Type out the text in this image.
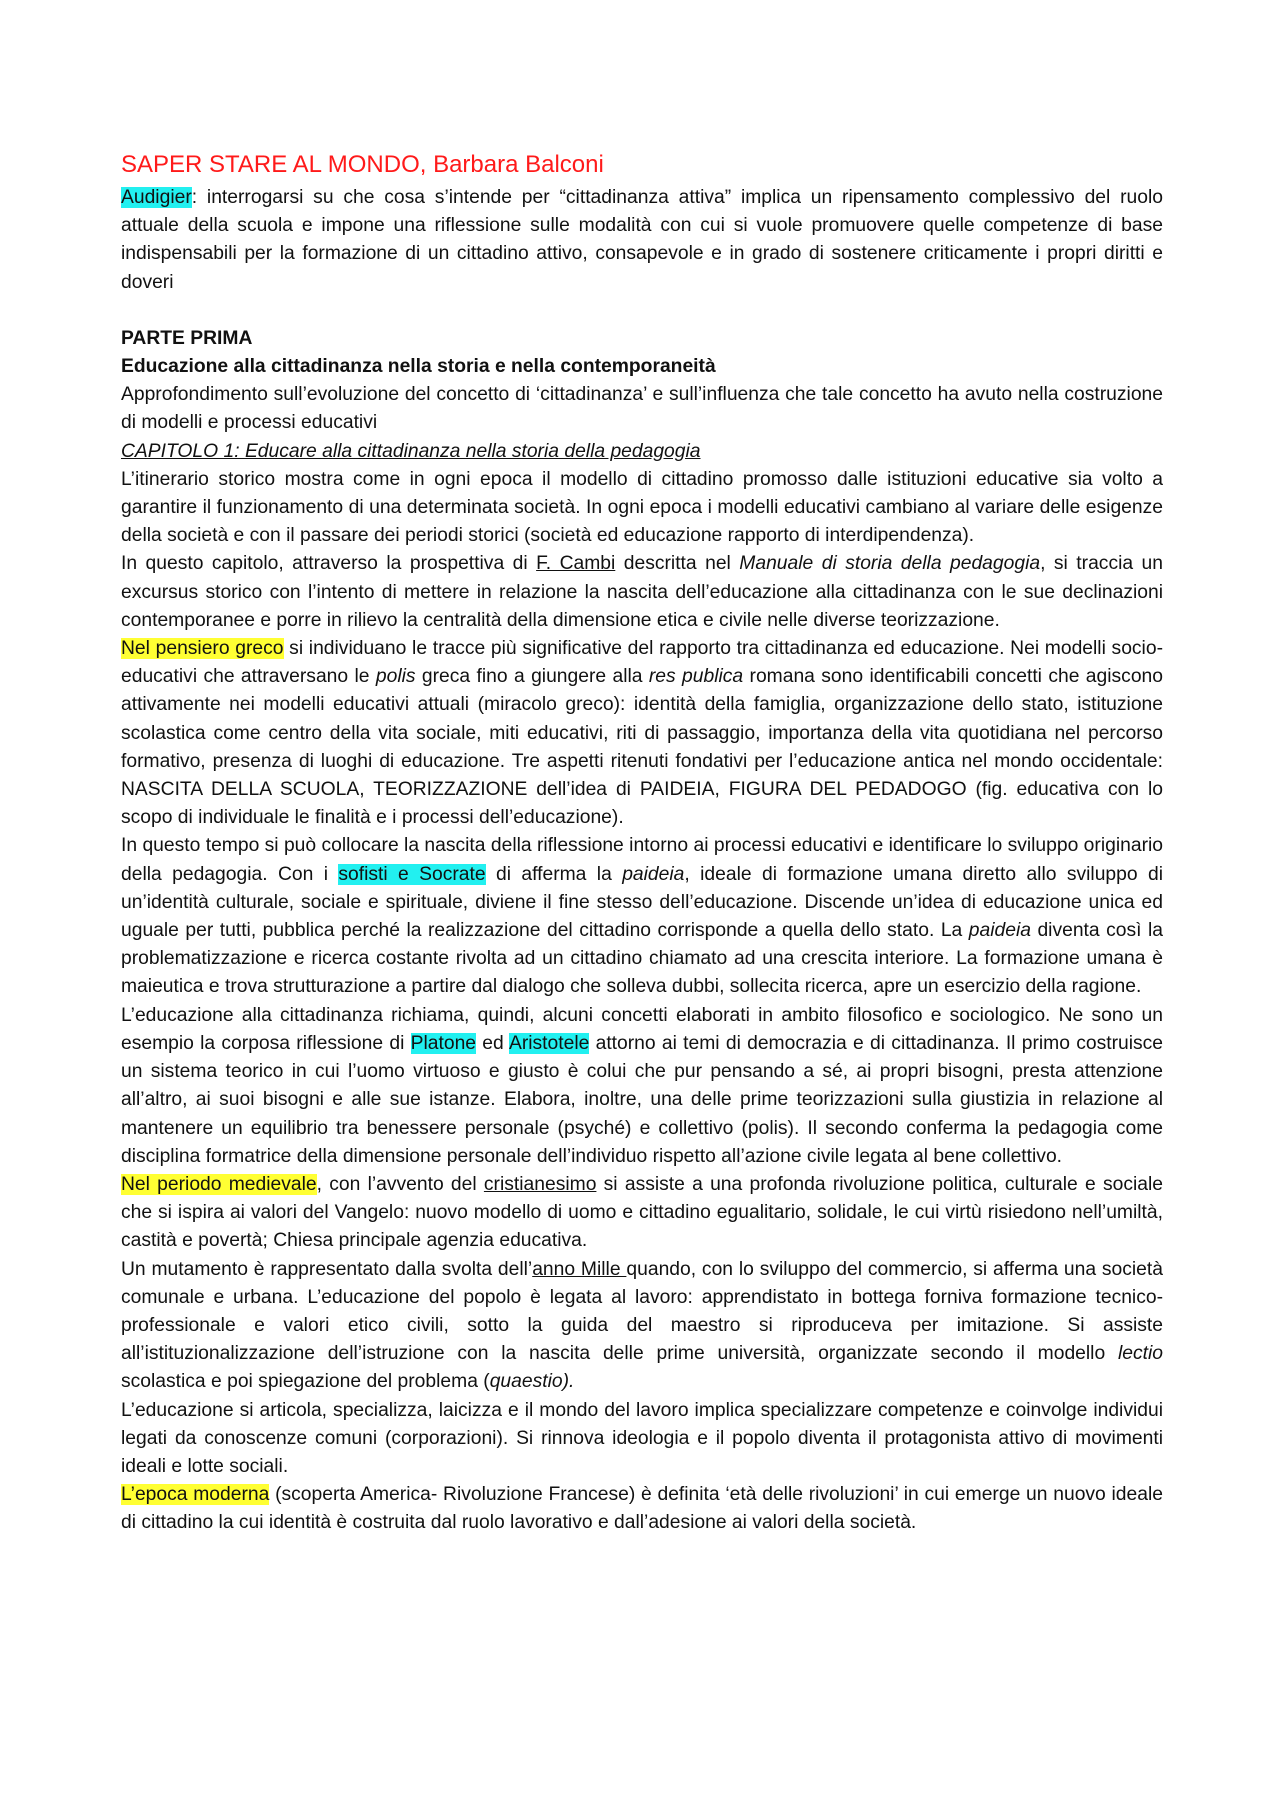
SAPER STARE AL MONDO, Barbara Balconi

Audigier: interrogarsi su che cosa s’intende per “cittadinanza attiva” implica un ripensamento complessivo del ruolo attuale della scuola e impone una riflessione sulle modalità con cui si vuole promuovere quelle competenze di base indispensabili per la formazione di un cittadino attivo, consapevole e in grado di sostenere criticamente i propri diritti e doveri

PARTE PRIMA

Educazione alla cittadinanza nella storia e nella contemporaneità

Approfondimento sull’evoluzione del concetto di ‘cittadinanza’ e sull’influenza che tale concetto ha avuto nella costruzione di modelli e processi educativi

CAPITOLO 1: Educare alla cittadinanza nella storia della pedagogia

L’itinerario storico mostra come in ogni epoca il modello di cittadino promosso dalle istituzioni educative sia volto a garantire il funzionamento di una determinata società. In ogni epoca i modelli educativi cambiano al variare delle esigenze della società e con il passare dei periodi storici (società ed educazione rapporto di interdipendenza).

In questo capitolo, attraverso la prospettiva di F. Cambi descritta nel Manuale di storia della pedagogia, si traccia un excursus storico con l’intento di mettere in relazione la nascita dell’educazione alla cittadinanza con le sue declinazioni contemporanee e porre in rilievo la centralità della dimensione etica e civile nelle diverse teorizzazione.

Nel pensiero greco si individuano le tracce più significative del rapporto tra cittadinanza ed educazione. Nei modelli socio-educativi che attraversano le polis greca fino a giungere alla res publica romana sono identificabili concetti che agiscono attivamente nei modelli educativi attuali (miracolo greco): identità della famiglia, organizzazione dello stato, istituzione scolastica come centro della vita sociale, miti educativi, riti di passaggio, importanza della vita quotidiana nel percorso formativo, presenza di luoghi di educazione. Tre aspetti ritenuti fondativi per l’educazione antica nel mondo occidentale: NASCITA DELLA SCUOLA, TEORIZZAZIONE dell’idea di PAIDEIA, FIGURA DEL PEDADOGO (fig. educativa con lo scopo di individuale le finalità e i processi dell’educazione).

In questo tempo si può collocare la nascita della riflessione intorno ai processi educativi e identificare lo sviluppo originario della pedagogia. Con i sofisti e Socrate di afferma la paideia, ideale di formazione umana diretto allo sviluppo di un’identità culturale, sociale e spirituale, diviene il fine stesso dell’educazione. Discende un’idea di educazione unica ed uguale per tutti, pubblica perché la realizzazione del cittadino corrisponde a quella dello stato. La paideia diventa così la problematizzazione e ricerca costante rivolta ad un cittadino chiamato ad una crescita interiore. La formazione umana è maieutica e trova strutturazione a partire dal dialogo che solleva dubbi, sollecita ricerca, apre un esercizio della ragione.

L’educazione alla cittadinanza richiama, quindi, alcuni concetti elaborati in ambito filosofico e sociologico. Ne sono un esempio la corposa riflessione di Platone ed Aristotele attorno ai temi di democrazia e di cittadinanza. Il primo costruisce un sistema teorico in cui l’uomo virtuoso e giusto è colui che pur pensando a sé, ai propri bisogni, presta attenzione all’altro, ai suoi bisogni e alle sue istanze. Elabora, inoltre, una delle prime teorizzazioni sulla giustizia in relazione al mantenere un equilibrio tra benessere personale (psyché) e collettivo (polis). Il secondo conferma la pedagogia come disciplina formatrice della dimensione personale dell’individuo rispetto all’azione civile legata al bene collettivo.

Nel periodo medievale, con l’avvento del cristianesimo si assiste a una profonda rivoluzione politica, culturale e sociale che si ispira ai valori del Vangelo: nuovo modello di uomo e cittadino egualitario, solidale, le cui virtù risiedono nell’umiltà, castità e povertà; Chiesa principale agenzia educativa.

Un mutamento è rappresentato dalla svolta dell’anno Mille quando, con lo sviluppo del commercio, si afferma una società comunale e urbana. L’educazione del popolo è legata al lavoro: apprendistato in bottega forniva formazione tecnico-professionale e valori etico civili, sotto la guida del maestro si riproduceva per imitazione. Si assiste all’istituzionalizzazione dell’istruzione con la nascita delle prime università, organizzate secondo il modello lectio scolastica e poi spiegazione del problema (quaestio).

L’educazione si articola, specializza, laicizza e il mondo del lavoro implica specializzare competenze e coinvolge individui legati da conoscenze comuni (corporazioni). Si rinnova ideologia e il popolo diventa il protagonista attivo di movimenti ideali e lotte sociali.

L’epoca moderna (scoperta America- Rivoluzione Francese) è definita ‘età delle rivoluzioni’ in cui emerge un nuovo ideale di cittadino la cui identità è costruita dal ruolo lavorativo e dall’adesione ai valori della società.
